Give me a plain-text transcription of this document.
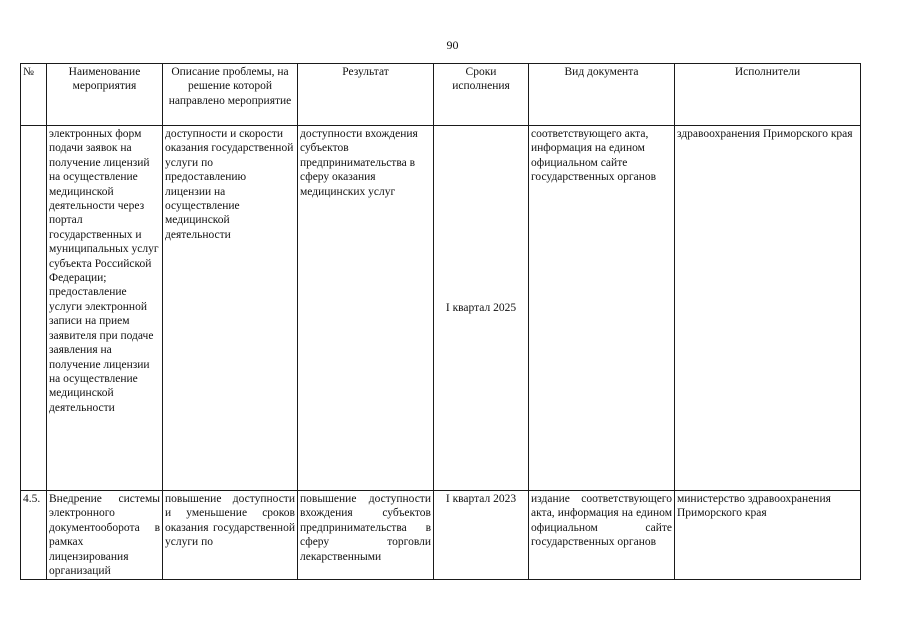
90
№	Наименование мероприятия	Описание проблемы, на решение которой направлено мероприятие	Результат	Сроки исполнения	Вид документа	Исполнители
	электронных форм подачи заявок на получение лицензий на осуществление медицинской деятельности через портал государственных и муниципальных услуг субъекта Российской Федерации; предоставление услуги электронной записи на прием заявителя при подаче заявления на получение лицензии на осуществление медицинской деятельности	доступности и скорости оказания государственной услуги по предоставлению лицензии на осуществление медицинской деятельности	доступности вхождения субъектов предпринимательства в сферу оказания медицинских услуг	I квартал 2025	соответствующего акта, информация на едином официальном сайте государственных органов	здравоохранения Приморского края
4.5.	Внедрение системы электронного документооборота в рамках лицензирования организаций	повышение доступности и уменьшение сроков оказания государственной услуги по	повышение доступности вхождения субъектов предпринимательства в сферу торговли лекарственными	I квартал 2023	издание соответствующего акта, информация на едином официальном сайте государственных органов	министерство здравоохранения Приморского края
